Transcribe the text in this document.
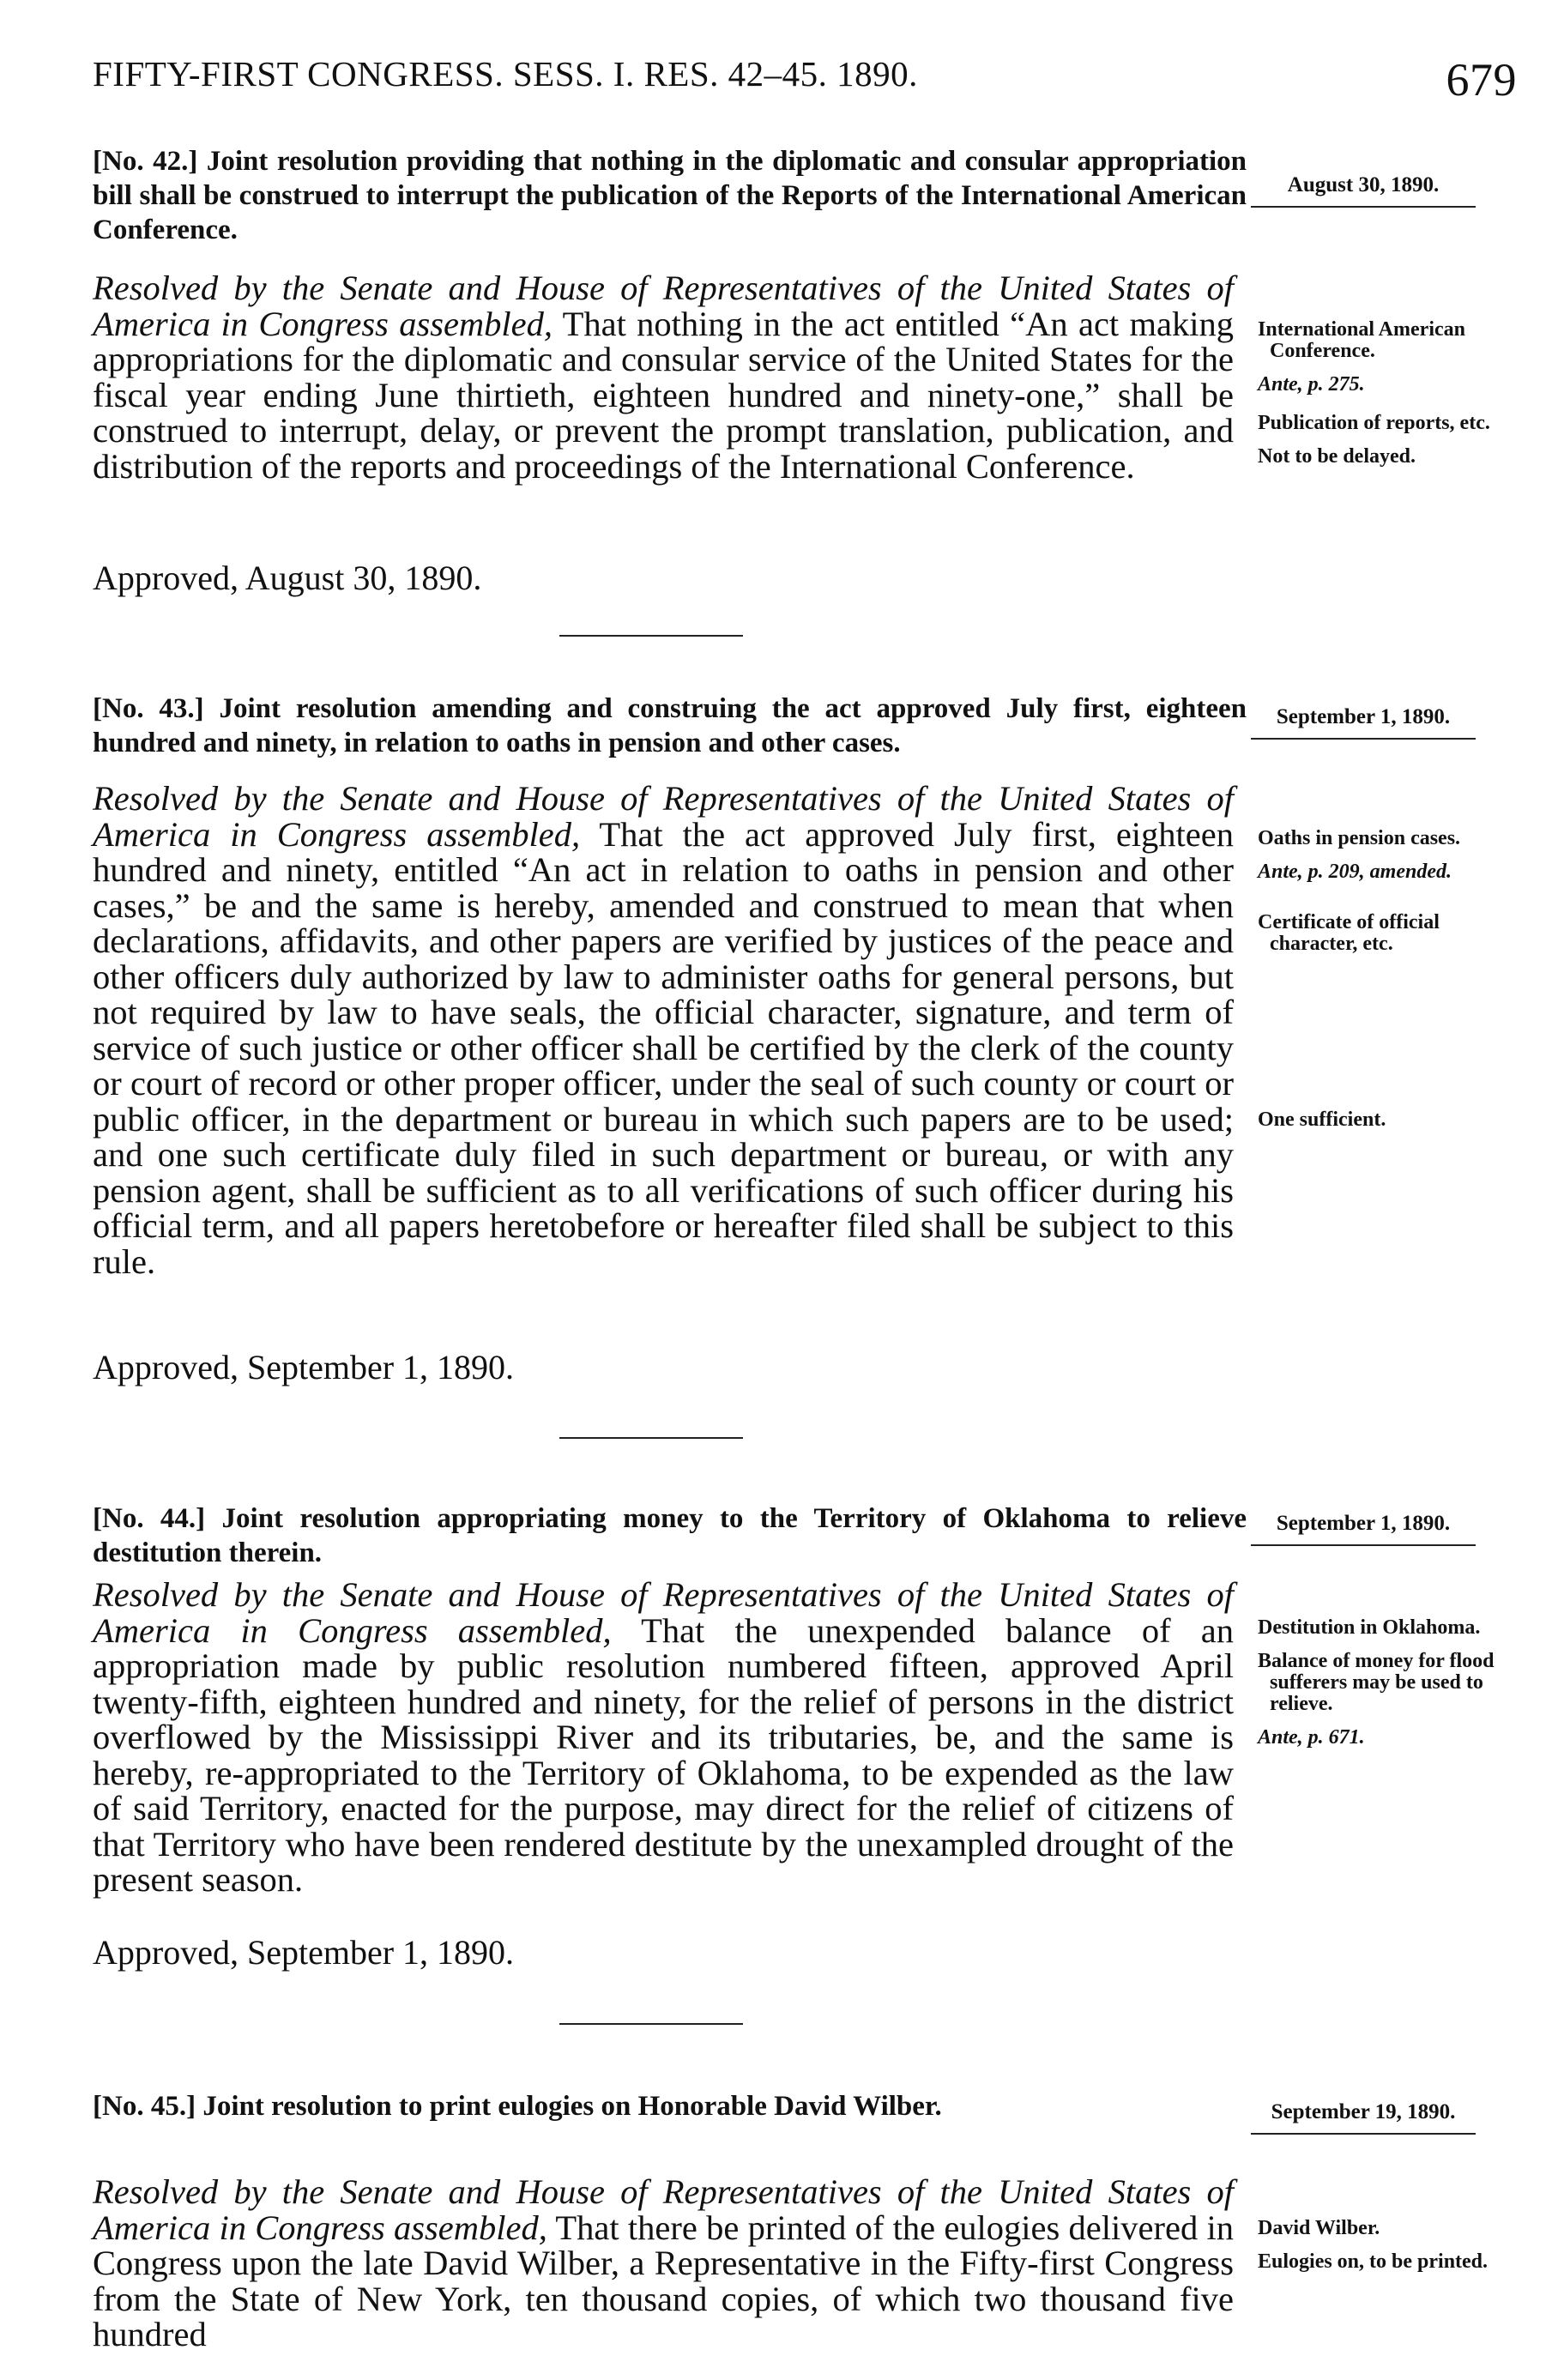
FIFTY-FIRST CONGRESS. SESS. I. RES. 42–45. 1890.	679
[No. 42.] Joint resolution providing that nothing in the diplomatic and consular appropriation bill shall be construed to interrupt the publication of the Reports of the International American Conference.
August 30, 1890.
Resolved by the Senate and House of Representatives of the United States of America in Congress assembled, That nothing in the act entitled “An act making appropriations for the diplomatic and consular service of the United States for the fiscal year ending June thirtieth, eighteen hundred and ninety-one,” shall be construed to interrupt, delay, or prevent the prompt translation, publication, and distribution of the reports and proceedings of the International Conference.
Approved, August 30, 1890.
International American Conference.
Ante, p. 275.
Publication of reports, etc.
Not to be delayed.
[No. 43.] Joint resolution amending and construing the act approved July first, eighteen hundred and ninety, in relation to oaths in pension and other cases.
September 1, 1890.
Resolved by the Senate and House of Representatives of the United States of America in Congress assembled, That the act approved July first, eighteen hundred and ninety, entitled “An act in relation to oaths in pension and other cases,” be and the same is hereby, amended and construed to mean that when declarations, affidavits, and other papers are verified by justices of the peace and other officers duly authorized by law to administer oaths for general persons, but not required by law to have seals, the official character, signature, and term of service of such justice or other officer shall be certified by the clerk of the county or court of record or other proper officer, under the seal of such county or court or public officer, in the department or bureau in which such papers are to be used; and one such certificate duly filed in such department or bureau, or with any pension agent, shall be sufficient as to all verifications of such officer during his official term, and all papers heretobefore or hereafter filed shall be subject to this rule.
Approved, September 1, 1890.
Oaths in pension cases.
Ante, p. 209, amended.
Certificate of official character, etc.
One sufficient.
[No. 44.] Joint resolution appropriating money to the Territory of Oklahoma to relieve destitution therein.
September 1, 1890.
Resolved by the Senate and House of Representatives of the United States of America in Congress assembled, That the unexpended balance of an appropriation made by public resolution numbered fifteen, approved April twenty-fifth, eighteen hundred and ninety, for the relief of persons in the district overflowed by the Mississippi River and its tributaries, be, and the same is hereby, re-appropriated to the Territory of Oklahoma, to be expended as the law of said Territory, enacted for the purpose, may direct for the relief of citizens of that Territory who have been rendered destitute by the unexampled drought of the present season.
Approved, September 1, 1890.
Destitution in Oklahoma.
Balance of money for flood sufferers may be used to relieve.
Ante, p. 671.
[No. 45.] Joint resolution to print eulogies on Honorable David Wilber.	September 19, 1890.
Resolved by the Senate and House of Representatives of the United States of America in Congress assembled, That there be printed of the eulogies delivered in Congress upon the late David Wilber, a Representative in the Fifty-first Congress from the State of New York, ten thousand copies, of which two thousand five hundred
David Wilber.
Eulogies on, to be printed.
